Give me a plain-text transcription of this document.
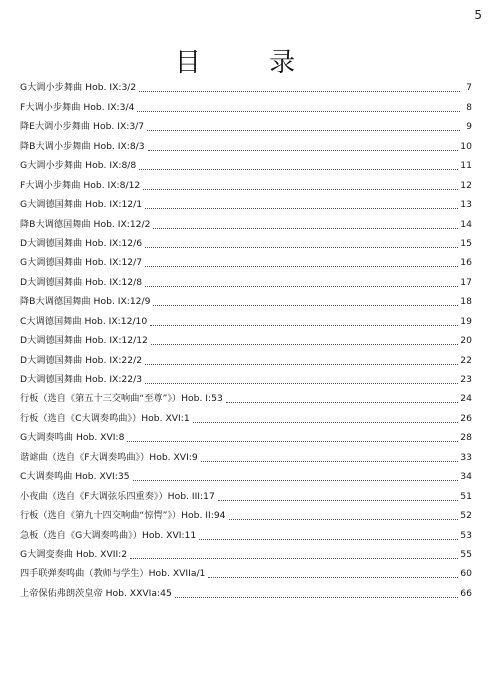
5
目 录
G大调小步舞曲 Hob. IX:3/2	7
F大调小步舞曲 Hob. IX:3/4	8
降E大调小步舞曲 Hob. IX:3/7	9
降B大调小步舞曲 Hob. IX:8/3	10
G大调小步舞曲 Hob. IX:8/8	11
F大调小步舞曲 Hob. IX:8/12	12
G大调德国舞曲 Hob. IX:12/1	13
降B大调德国舞曲 Hob. IX:12/2	14
D大调德国舞曲 Hob. IX:12/6	15
G大调德国舞曲 Hob. IX:12/7	16
D大调德国舞曲 Hob. IX:12/8	17
降B大调德国舞曲 Hob. IX:12/9	18
C大调德国舞曲 Hob. IX:12/10	19
D大调德国舞曲 Hob. IX:12/12	20
D大调德国舞曲 Hob. IX:22/2	22
D大调德国舞曲 Hob. IX:22/3	23
行板（选自《第五十三交响曲“至尊”》）Hob. I:53	24
行板（选自《C大调奏鸣曲》）Hob. XVI:1	26
G大调奏鸣曲 Hob. XVI:8	28
谐谑曲（选自《F大调奏鸣曲》）Hob. XVI:9	33
C大调奏鸣曲 Hob. XVI:35	34
小夜曲（选自《F大调弦乐四重奏》）Hob. III:17	51
行板（选自《第九十四交响曲“惊愕”》）Hob. II:94	52
急板（选自《G大调奏鸣曲》）Hob. XVI:11	53
G大调变奏曲 Hob. XVII:2	55
四手联弹奏鸣曲（教师与学生）Hob. XVIIa/1	60
上帝保佑弗朗茨皇帝 Hob. XXVIa:45	66
